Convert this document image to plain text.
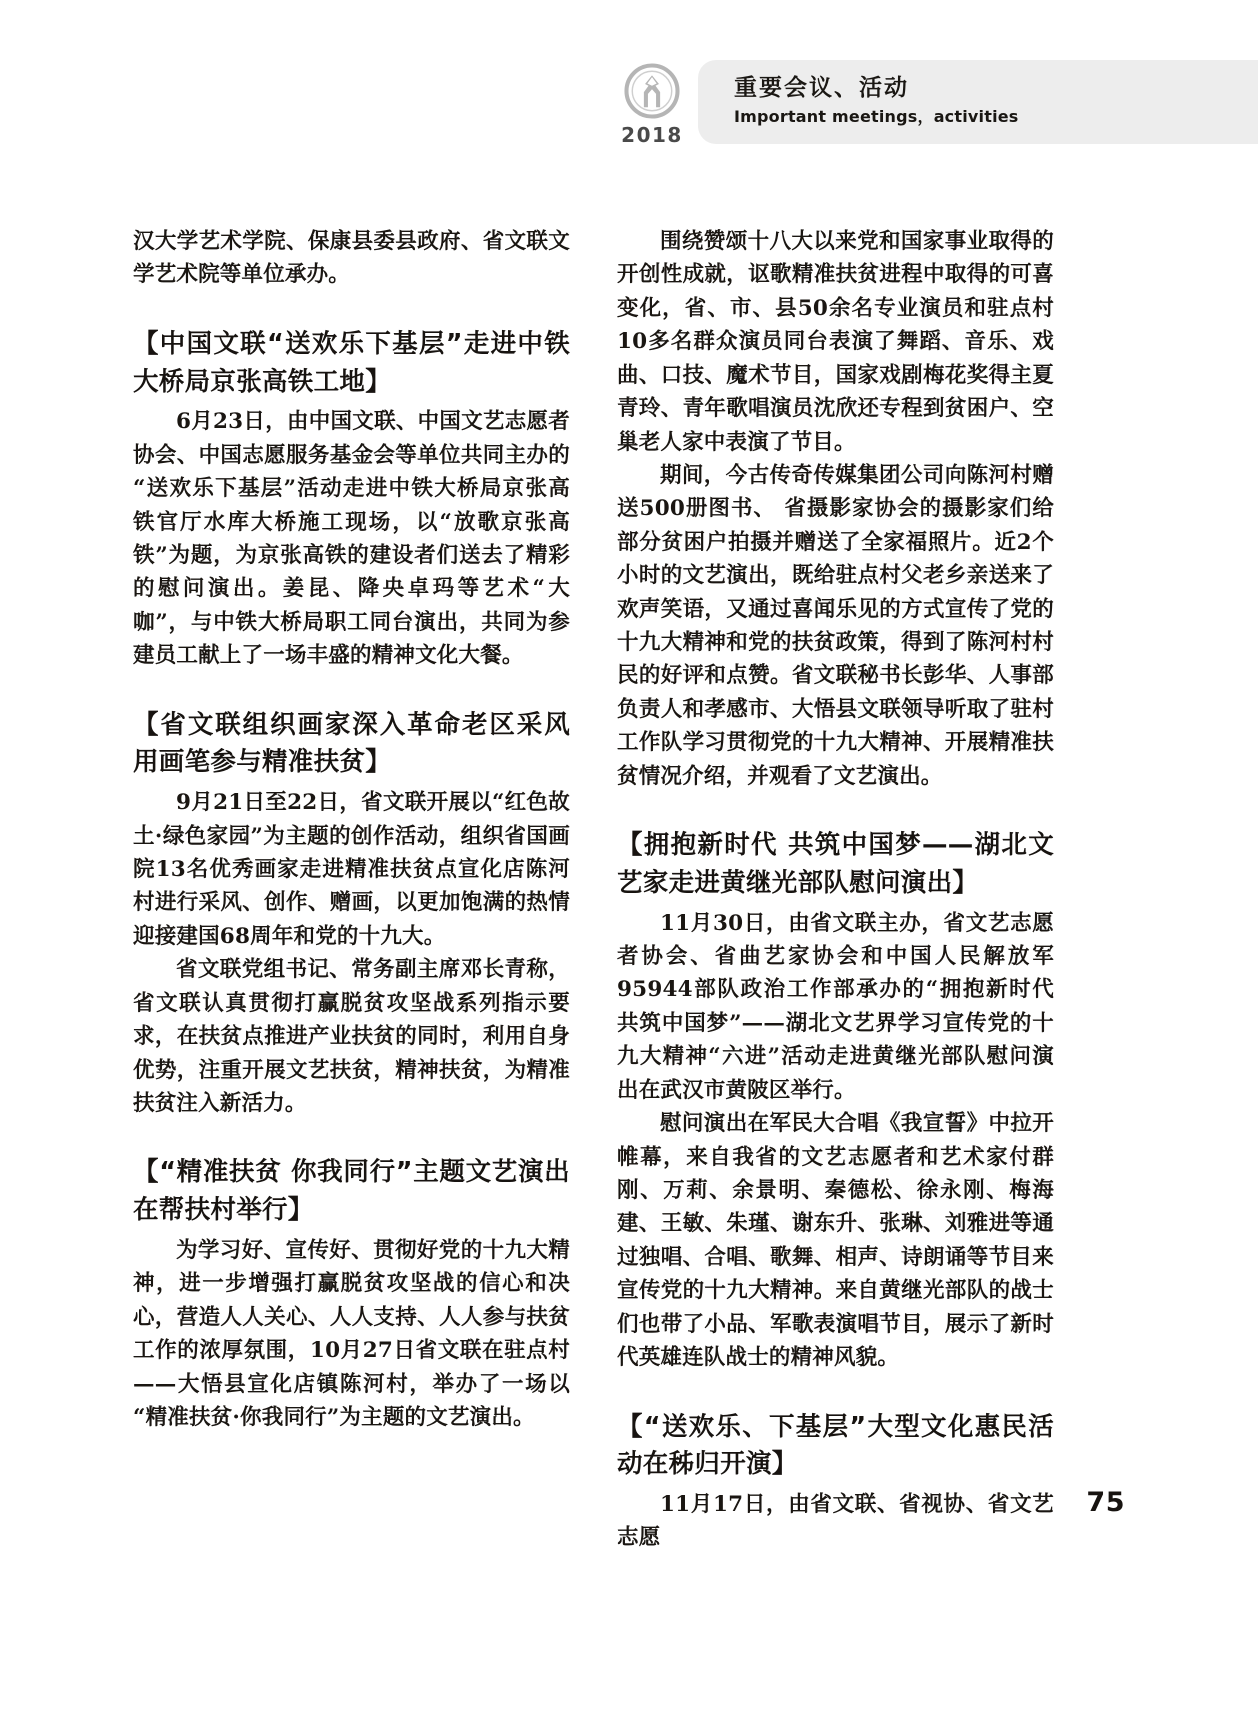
2018
重要会议、活动
Important meetings，activities

汉大学艺术学院、保康县委县政府、省文联文学艺术院等单位承办。

【中国文联“送欢乐下基层”走进中铁大桥局京张高铁工地】

6月23日，由中国文联、中国文艺志愿者协会、中国志愿服务基金会等单位共同主办的“送欢乐下基层”活动走进中铁大桥局京张高铁官厅水库大桥施工现场，以“放歌京张高铁”为题，为京张高铁的建设者们送去了精彩的慰问演出。姜昆、降央卓玛等艺术“大咖”，与中铁大桥局职工同台演出，共同为参建员工献上了一场丰盛的精神文化大餐。

【省文联组织画家深入革命老区采风用画笔参与精准扶贫】

9月21日至22日，省文联开展以“红色故土·绿色家园”为主题的创作活动，组织省国画院13名优秀画家走进精准扶贫点宣化店陈河村进行采风、创作、赠画，以更加饱满的热情迎接建国68周年和党的十九大。

省文联党组书记、常务副主席邓长青称，省文联认真贯彻打赢脱贫攻坚战系列指示要求，在扶贫点推进产业扶贫的同时，利用自身优势，注重开展文艺扶贫，精神扶贫，为精准扶贫注入新活力。

【“精准扶贫 你我同行”主题文艺演出在帮扶村举行】

为学习好、宣传好、贯彻好党的十九大精神，进一步增强打赢脱贫攻坚战的信心和决心，营造人人关心、人人支持、人人参与扶贫工作的浓厚氛围，10月27日省文联在驻点村——大悟县宣化店镇陈河村，举办了一场以“精准扶贫·你我同行”为主题的文艺演出。

围绕赞颂十八大以来党和国家事业取得的开创性成就，讴歌精准扶贫进程中取得的可喜变化，省、市、县50余名专业演员和驻点村10多名群众演员同台表演了舞蹈、音乐、戏曲、口技、魔术节目，国家戏剧梅花奖得主夏青玲、青年歌唱演员沈欣还专程到贫困户、空巢老人家中表演了节目。

期间，今古传奇传媒集团公司向陈河村赠送500册图书、 省摄影家协会的摄影家们给部分贫困户拍摄并赠送了全家福照片。近2个小时的文艺演出，既给驻点村父老乡亲送来了欢声笑语，又通过喜闻乐见的方式宣传了党的十九大精神和党的扶贫政策，得到了陈河村村民的好评和点赞。省文联秘书长彭华、人事部负责人和孝感市、大悟县文联领导听取了驻村工作队学习贯彻党的十九大精神、开展精准扶贫情况介绍，并观看了文艺演出。

【拥抱新时代 共筑中国梦——湖北文艺家走进黄继光部队慰问演出】

11月30日，由省文联主办，省文艺志愿者协会、省曲艺家协会和中国人民解放军95944部队政治工作部承办的“拥抱新时代 共筑中国梦”——湖北文艺界学习宣传党的十九大精神“六进”活动走进黄继光部队慰问演出在武汉市黄陂区举行。

慰问演出在军民大合唱《我宣誓》中拉开帷幕，来自我省的文艺志愿者和艺术家付群刚、万莉、余景明、秦德松、徐永刚、梅海建、王敏、朱瑾、谢东升、张琳、刘雅进等通过独唱、合唱、歌舞、相声、诗朗诵等节目来宣传党的十九大精神。来自黄继光部队的战士们也带了小品、军歌表演唱节目，展示了新时代英雄连队战士的精神风貌。

【“送欢乐、下基层”大型文化惠民活动在秭归开演】

11月17日，由省文联、省视协、省文艺志愿

75
